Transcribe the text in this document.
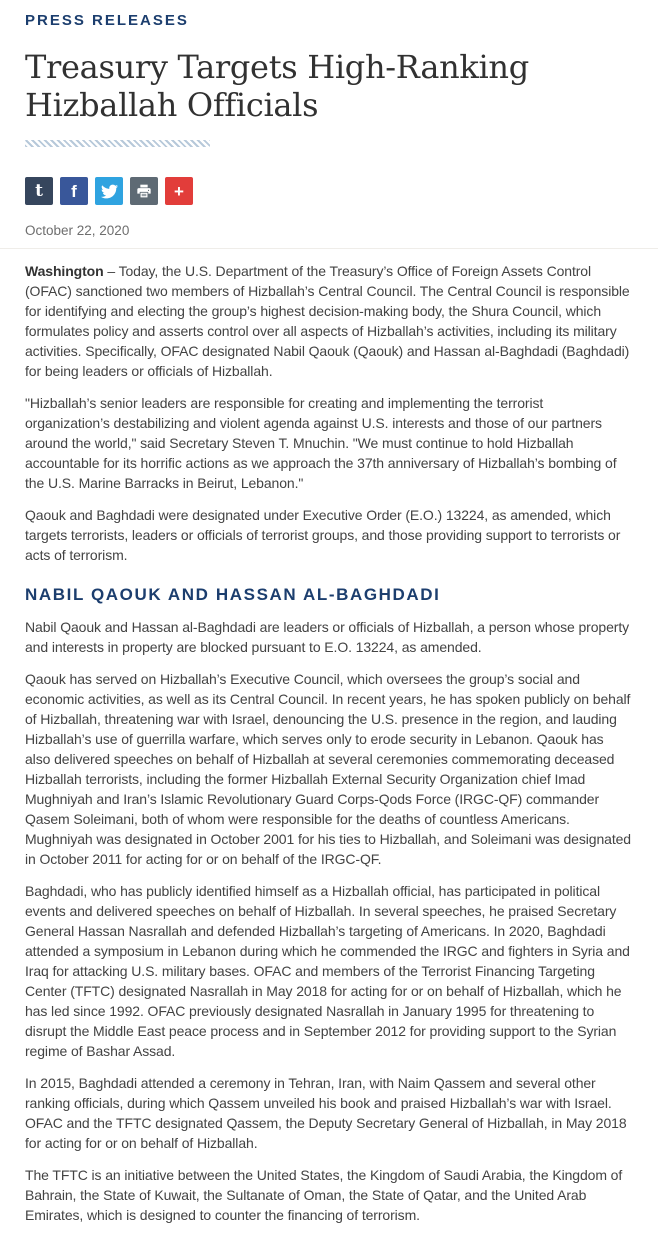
PRESS RELEASES
Treasury Targets High-Ranking Hizballah Officials
t f	+
October 22, 2020

Washington – Today, the U.S. Department of the Treasury’s Office of Foreign Assets Control (OFAC) sanctioned two members of Hizballah’s Central Council. The Central Council is responsible for identifying and electing the group’s highest decision-making body, the Shura Council, which formulates policy and asserts control over all aspects of Hizballah’s activities, including its military activities. Specifically, OFAC designated Nabil Qaouk (Qaouk) and Hassan al-Baghdadi (Baghdadi) for being leaders or officials of Hizballah.

"Hizballah’s senior leaders are responsible for creating and implementing the terrorist organization’s destabilizing and violent agenda against U.S. interests and those of our partners around the world," said Secretary Steven T. Mnuchin. "We must continue to hold Hizballah accountable for its horrific actions as we approach the 37th anniversary of Hizballah’s bombing of the U.S. Marine Barracks in Beirut, Lebanon."

Qaouk and Baghdadi were designated under Executive Order (E.O.) 13224, as amended, which targets terrorists, leaders or officials of terrorist groups, and those providing support to terrorists or acts of terrorism.

NABIL QAOUK AND HASSAN AL-BAGHDADI

Nabil Qaouk and Hassan al-Baghdadi are leaders or officials of Hizballah, a person whose property and interests in property are blocked pursuant to E.O. 13224, as amended.

Qaouk has served on Hizballah’s Executive Council, which oversees the group’s social and economic activities, as well as its Central Council. In recent years, he has spoken publicly on behalf of Hizballah, threatening war with Israel, denouncing the U.S. presence in the region, and lauding Hizballah’s use of guerrilla warfare, which serves only to erode security in Lebanon. Qaouk has also delivered speeches on behalf of Hizballah at several ceremonies commemorating deceased Hizballah terrorists, including the former Hizballah External Security Organization chief Imad Mughniyah and Iran’s Islamic Revolutionary Guard Corps-Qods Force (IRGC-QF) commander Qasem Soleimani, both of whom were responsible for the deaths of countless Americans. Mughniyah was designated in October 2001 for his ties to Hizballah, and Soleimani was designated in October 2011 for acting for or on behalf of the IRGC-QF.

Baghdadi, who has publicly identified himself as a Hizballah official, has participated in political events and delivered speeches on behalf of Hizballah. In several speeches, he praised Secretary General Hassan Nasrallah and defended Hizballah’s targeting of Americans. In 2020, Baghdadi attended a symposium in Lebanon during which he commended the IRGC and fighters in Syria and Iraq for attacking U.S. military bases. OFAC and members of the Terrorist Financing Targeting Center (TFTC) designated Nasrallah in May 2018 for acting for or on behalf of Hizballah, which he has led since 1992. OFAC previously designated Nasrallah in January 1995 for threatening to disrupt the Middle East peace process and in September 2012 for providing support to the Syrian regime of Bashar Assad.

In 2015, Baghdadi attended a ceremony in Tehran, Iran, with Naim Qassem and several other ranking officials, during which Qassem unveiled his book and praised Hizballah’s war with Israel. OFAC and the TFTC designated Qassem, the Deputy Secretary General of Hizballah, in May 2018 for acting for or on behalf of Hizballah.

The TFTC is an initiative between the United States, the Kingdom of Saudi Arabia, the Kingdom of Bahrain, the State of Kuwait, the Sultanate of Oman, the State of Qatar, and the United Arab Emirates, which is designed to counter the financing of terrorism.
